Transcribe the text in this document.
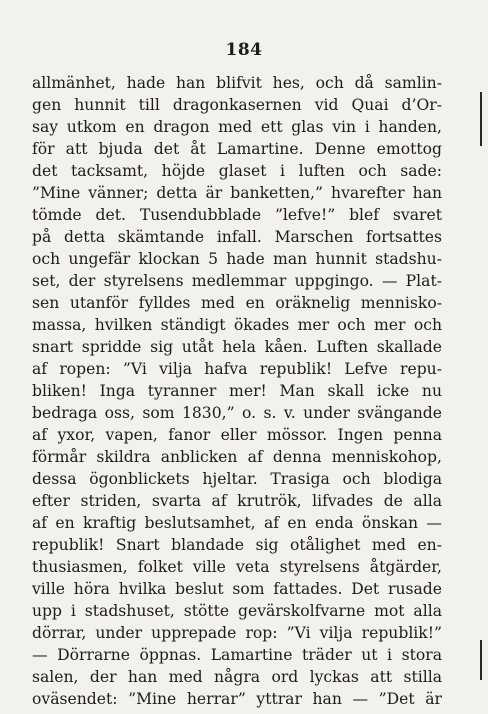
184
allmänhet, hade han blifvit hes, och då samlin-
gen hunnit till dragonkasernen vid Quai d’Or-
say utkom en dragon med ett glas vin i handen,
för att bjuda det åt Lamartine. Denne emottog
det tacksamt, höjde glaset i luften och sade:
”Mine vänner; detta är banketten,” hvarefter han
tömde det. Tusendubblade ”lefve!” blef svaret
på detta skämtande infall. Marschen fortsattes
och ungefär klockan 5 hade man hunnit stadshu-
set, der styrelsens medlemmar uppgingo. — Plat-
sen utanför fylldes med en oräknelig mennisko-
massa, hvilken ständigt ökades mer och mer och
snart spridde sig utåt hela kåen. Luften skallade
af ropen: ”Vi vilja hafva republik! Lefve repu-
bliken! Inga tyranner mer! Man skall icke nu
bedraga oss, som 1830,” o. s. v. under svängande
af yxor, vapen, fanor eller mössor. Ingen penna
förmår skildra anblicken af denna menniskohop,
dessa ögonblickets hjeltar. Trasiga och blodiga
efter striden, svarta af krutrök, lifvades de alla
af en kraftig beslutsamhet, af en enda önskan —
republik! Snart blandade sig otålighet med en-
thusiasmen, folket ville veta styrelsens åtgärder,
ville höra hvilka beslut som fattades. Det rusade
upp i stadshuset, stötte gevärskolfvarne mot alla
dörrar, under upprepade rop: ”Vi vilja republik!”
— Dörrarne öppnas. Lamartine träder ut i stora
salen, der han med några ord lyckas att stilla
oväsendet: ”Mine herrar” yttrar han — ”Det är
